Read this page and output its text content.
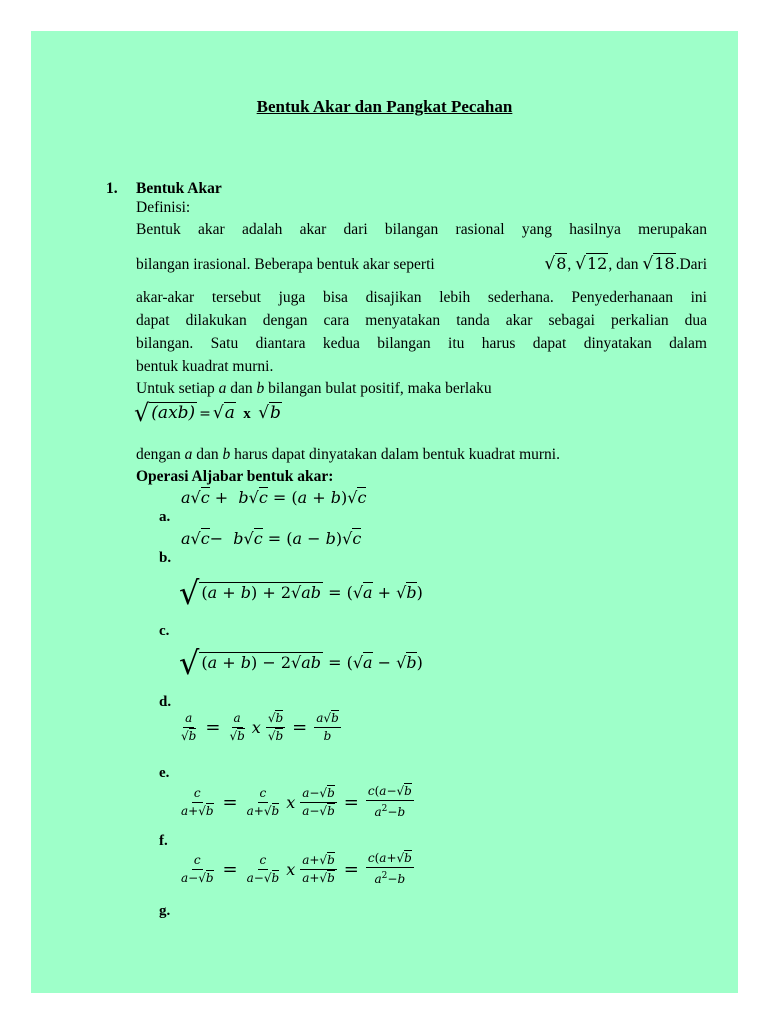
Bentuk Akar dan Pangkat Pecahan
1. Bentuk Akar
Definisi:
Bentuk akar adalah akar dari bilangan rasional yang hasilnya merupakan
bilangan irasional. Beberapa bentuk akar seperti	√8, √12, dan √18.Dari
akar-akar tersebut juga bisa disajikan lebih sederhana. Penyederhanaan ini
dapat dilakukan dengan cara menyatakan tanda akar sebagai perkalian dua
bilangan. Satu diantara kedua bilangan itu harus dapat dinyatakan dalam
bentuk kuadrat murni.
Untuk setiap a dan b bilangan bulat positif, maka berlaku
√ (axb) = √a x √b
dengan a dan b harus dapat dinyatakan dalam bentuk kuadrat murni.
Operasi Aljabar bentuk akar:
a√c +  b√c = (a + b)√c
a.
a√c−  b√c = (a − b)√c
b.
√ (a + b) + 2√ab = (√a + √b)
c.
√ (a + b) − 2√ab = (√a − √b)
d.
$\frac{a}{√b} = \frac{a}{√b}$ x $\frac{√b}{√b} = \frac{a√b}{b}$
e.
$\frac{c}{a+√b} = \frac{c}{a+√b}$ x $\frac{a-√b}{a-√b} = \frac{c(a-√b}{a^2-b}$
f.
$\frac{c}{a-√b} = \frac{c}{a-√b}$ x $\frac{a+√b}{a+√b} = \frac{c(a+√b}{a^2-b}$
g.
